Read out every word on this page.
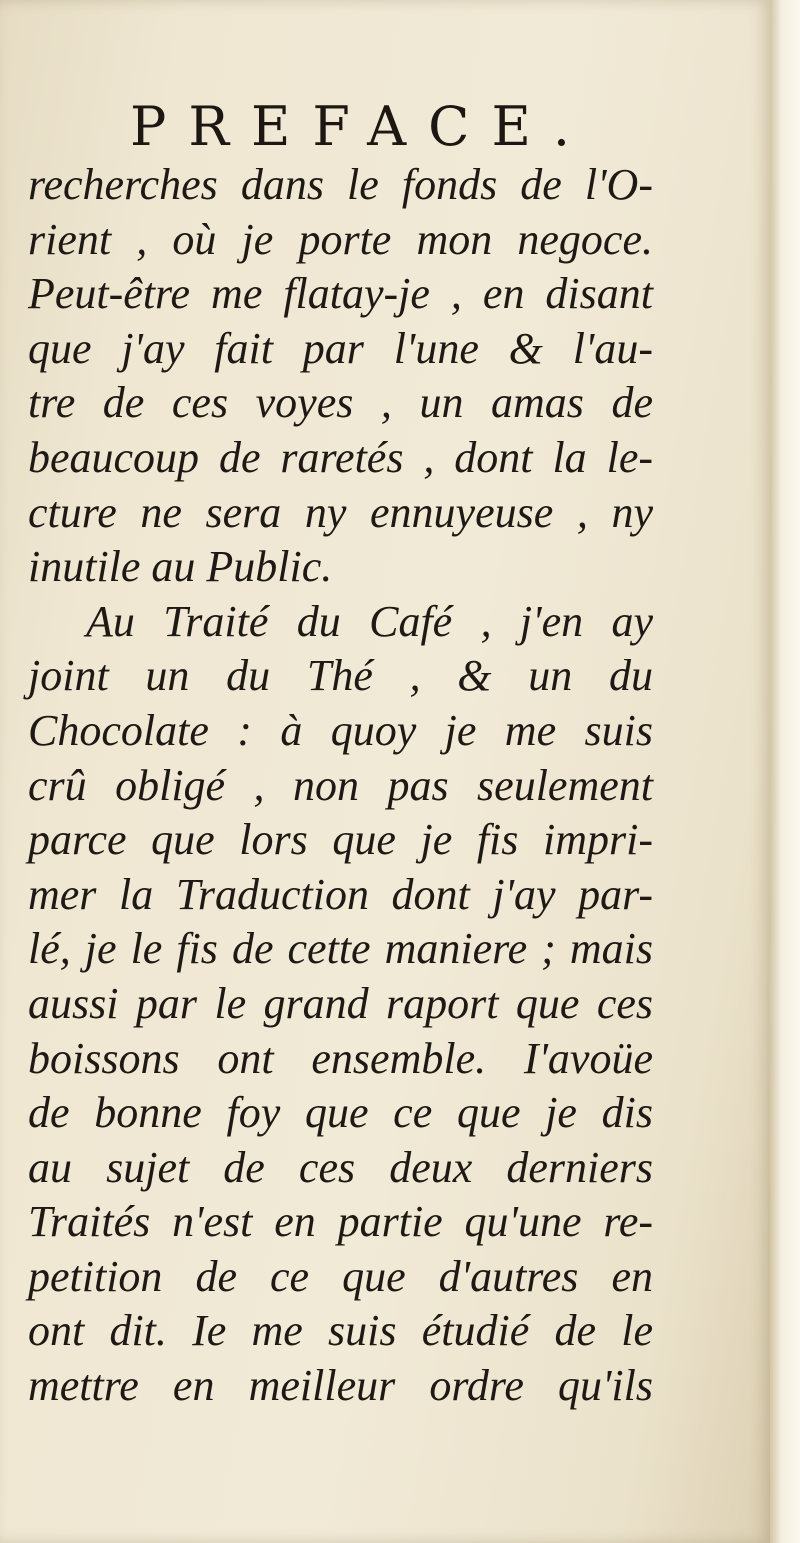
PREFACE.
recherches dans le fonds de l'O-
rient , où je porte mon negoce.
Peut-être me flatay-je , en disant
que j'ay fait par l'une & l'au-
tre de ces voyes , un amas de
beaucoup de raretés , dont la le-
cture ne sera ny ennuyeuse , ny
inutile au Public.
Au Traité du Café , j'en ay
joint un du Thé , & un du
Chocolate : à quoy je me suis
crû obligé , non pas seulement
parce que lors que je fis impri-
mer la Traduction dont j'ay par-
lé, je le fis de cette maniere ; mais
aussi par le grand raport que ces
boissons ont ensemble. I'avoüe
de bonne foy que ce que je dis
au sujet de ces deux derniers
Traités n'est en partie qu'une re-
petition de ce que d'autres en
ont dit. Ie me suis étudié de le
mettre en meilleur ordre qu'ils
